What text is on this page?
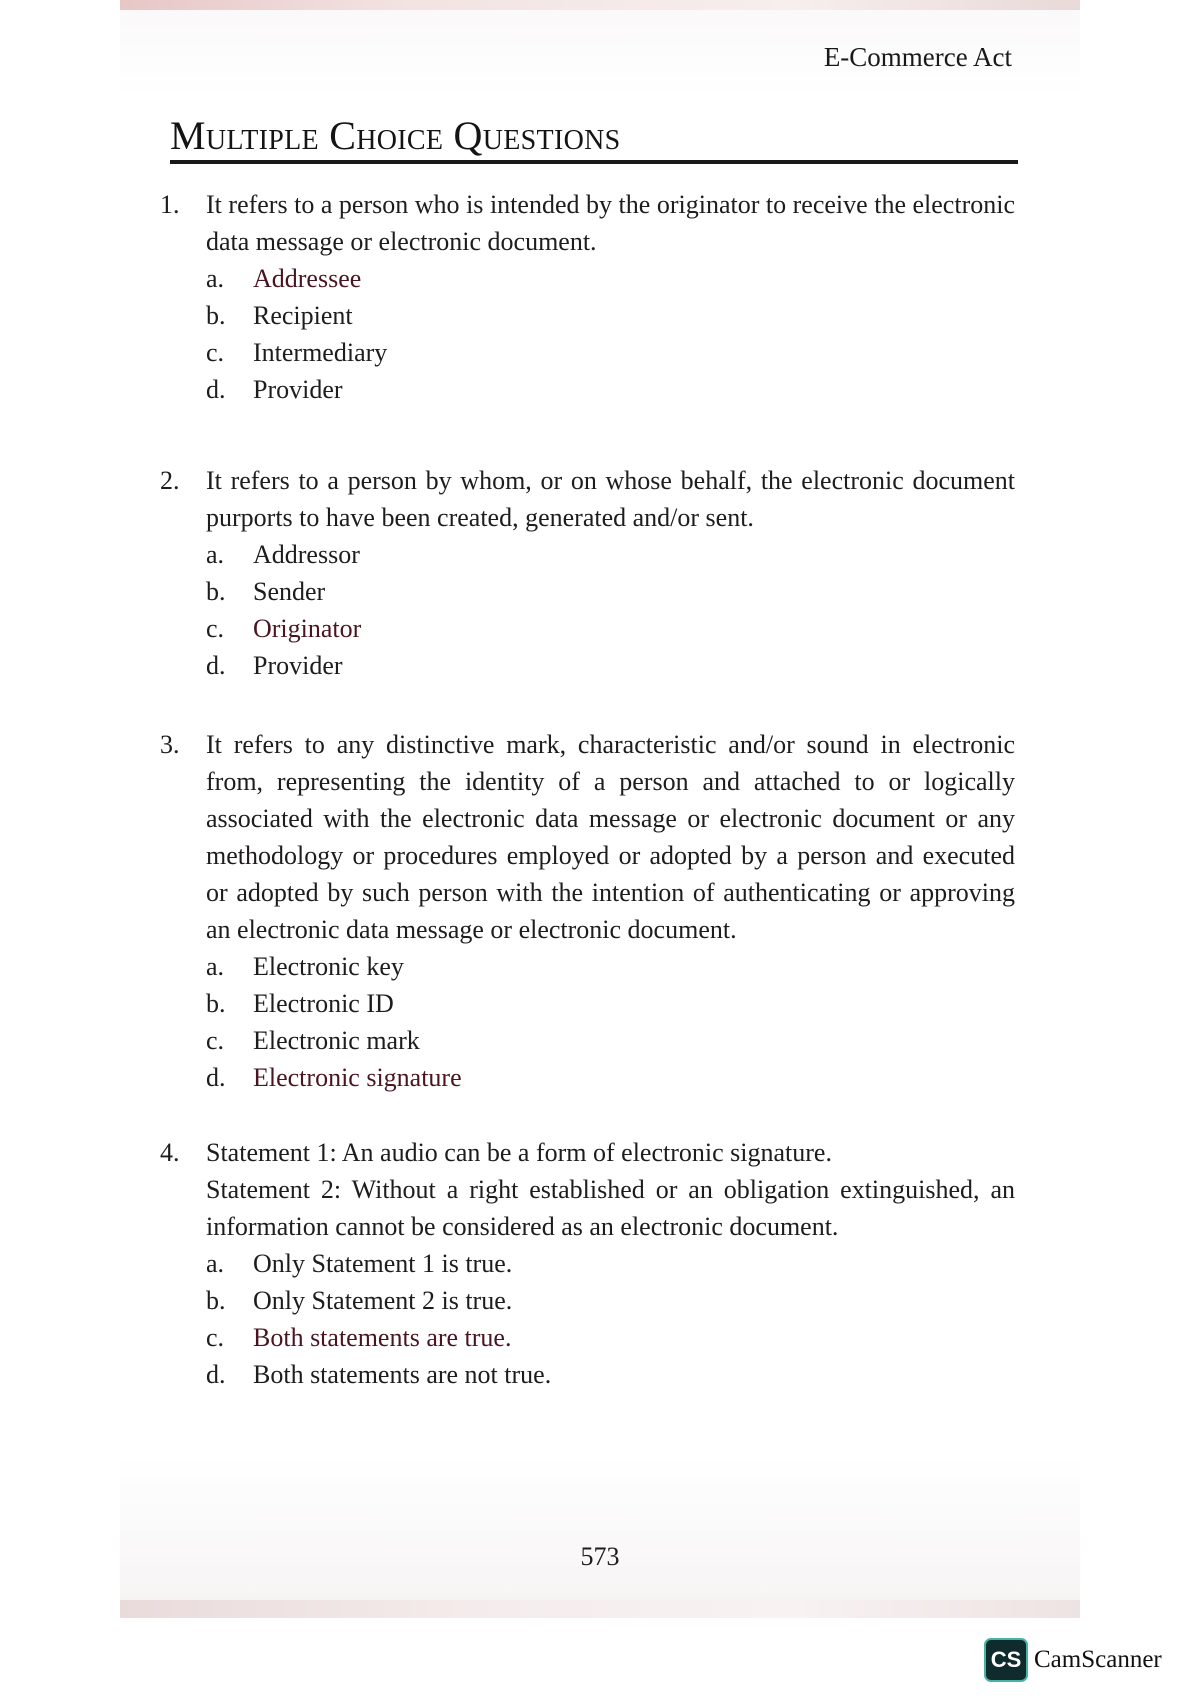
E-Commerce Act
Multiple Choice Questions
1.	It refers to a person who is intended by the originator to receive the electronic data message or electronic document.
a.	Addressee
b.	Recipient
c.	Intermediary
d.	Provider
2.	It refers to a person by whom, or on whose behalf, the electronic document purports to have been created, generated and/or sent.
a.	Addressor
b.	Sender
c.	Originator
d.	Provider
3.	It refers to any distinctive mark, characteristic and/or sound in electronic from, representing the identity of a person and attached to or logically associated with the electronic data message or electronic document or any methodology or procedures employed or adopted by a person and executed or adopted by such person with the intention of authenticating or approving an electronic data message or electronic document.
a.	Electronic key
b.	Electronic ID
c.	Electronic mark
d.	Electronic signature
4.	Statement 1: An audio can be a form of electronic signature.

Statement 2: Without a right established or an obligation extinguished, an information cannot be considered as an electronic document.

a.	Only Statement 1 is true.
b.	Only Statement 2 is true.
c.	Both statements are true.
d.	Both statements are not true.
573
CS CamScanner
